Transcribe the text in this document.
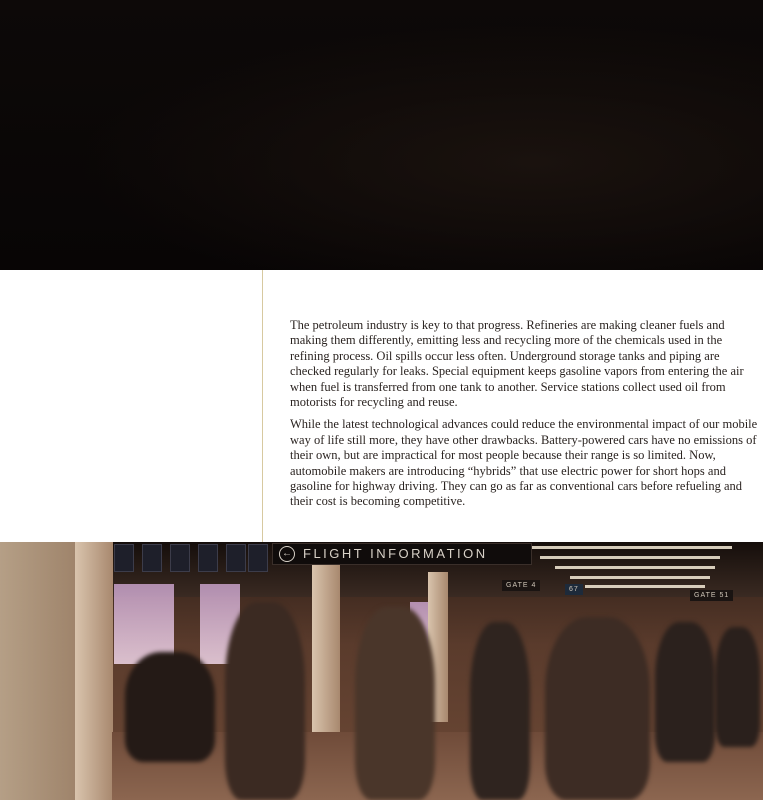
The petroleum industry is key to that progress. Refineries are making cleaner fuels and making them differently, emitting less and recycling more of the chemicals used in the refining process. Oil spills occur less often. Underground storage tanks and piping are checked regularly for leaks. Special equipment keeps gasoline vapors from entering the air when fuel is transferred from one tank to another. Service stations collect used oil from motorists for recycling and reuse.

While the latest technological advances could reduce the environmental impact of our mobile way of life still more, they have other drawbacks. Battery-powered cars have no emissions of their own, but are impractical for most people because their range is so limited. Now, automobile makers are introducing “hybrids” that use electric power for short hops and gasoline for highway driving. They can go as far as conventional cars before refueling and their cost is becoming competitive.

← FLIGHT INFORMATION
GATE 4
67
GATE 51
